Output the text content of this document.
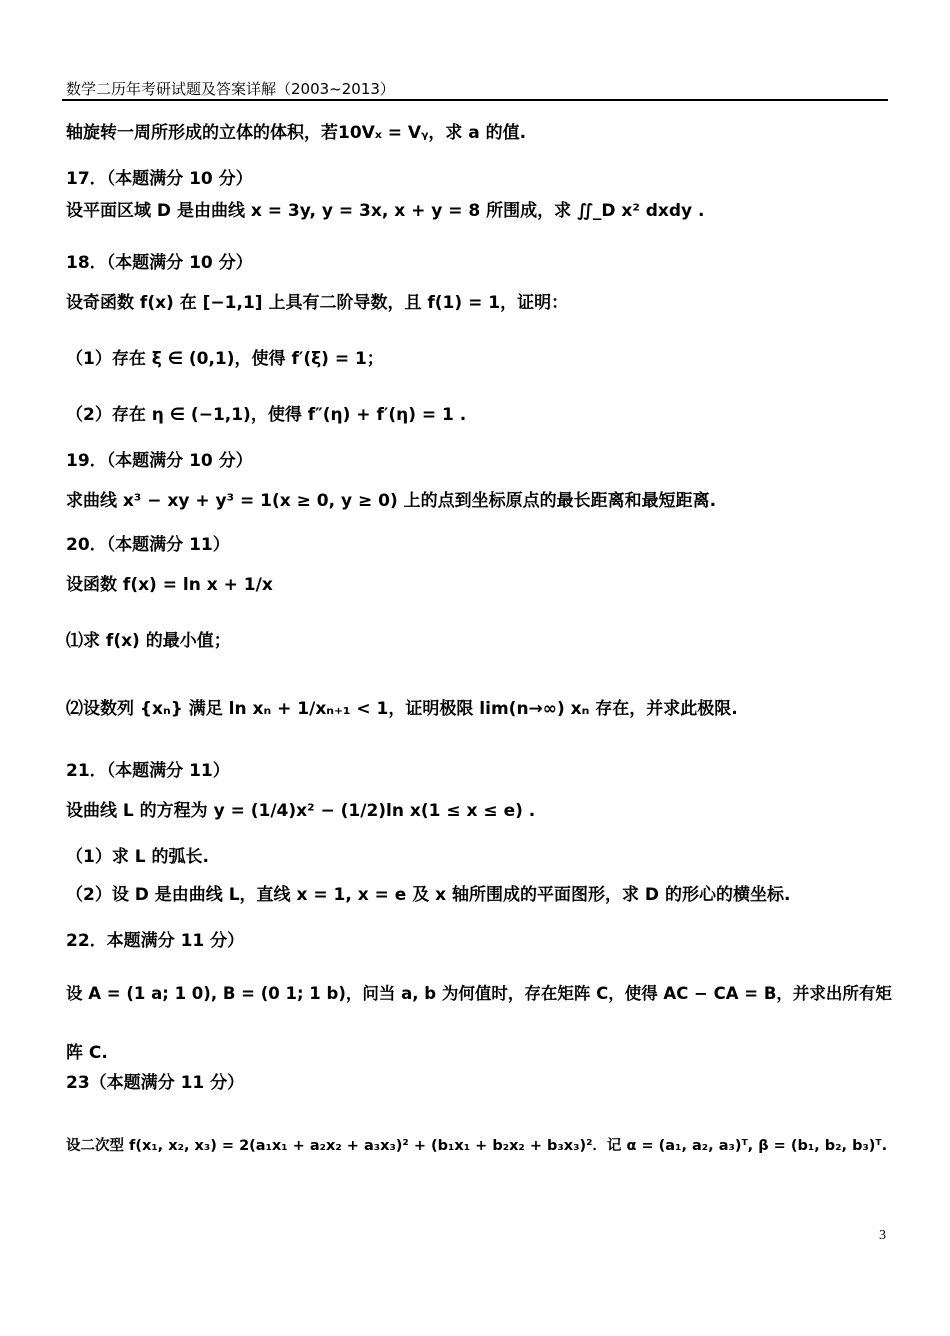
数学二历年考研试题及答案详解（2003~2013）
轴旋转一周所形成的立体的体积，若10Vₓ = Vᵧ，求 a 的值.
17．（本题满分 10 分）
设平面区域 D 是由曲线 x = 3y, y = 3x, x + y = 8 所围成，求 ∬_D x² dxdy .
18．（本题满分 10 分）
设奇函数 f(x) 在 [−1,1] 上具有二阶导数，且 f(1) = 1，证明：
（1）存在 ξ ∈ (0,1)，使得 f′(ξ) = 1；
（2）存在 η ∈ (−1,1)，使得 f″(η) + f′(η) = 1 .
19．（本题满分 10 分）
求曲线 x³ − xy + y³ = 1(x ≥ 0, y ≥ 0) 上的点到坐标原点的最长距离和最短距离.
20．（本题满分 11）
设函数 f(x) = ln x + 1/x
⑴求 f(x) 的最小值；
⑵设数列 {xₙ} 满足 ln xₙ + 1/xₙ₊₁ < 1，证明极限 lim(n→∞) xₙ 存在，并求此极限.
21．（本题满分 11）
设曲线 L 的方程为 y = (1/4)x² − (1/2)ln x(1 ≤ x ≤ e) .
（1）求 L 的弧长.
（2）设 D 是由曲线 L，直线 x = 1, x = e 及 x 轴所围成的平面图形，求 D 的形心的横坐标.
22．本题满分 11 分）
设 A = (1 a; 1 0), B = (0 1; 1 b)，问当 a, b 为何值时，存在矩阵 C，使得 AC − CA = B，并求出所有矩
阵 C.
23（本题满分 11 分）
设二次型 f(x₁, x₂, x₃) = 2(a₁x₁ + a₂x₂ + a₃x₃)² + (b₁x₁ + b₂x₂ + b₃x₃)²．记 α = (a₁, a₂, a₃)ᵀ, β = (b₁, b₂, b₃)ᵀ.
3
